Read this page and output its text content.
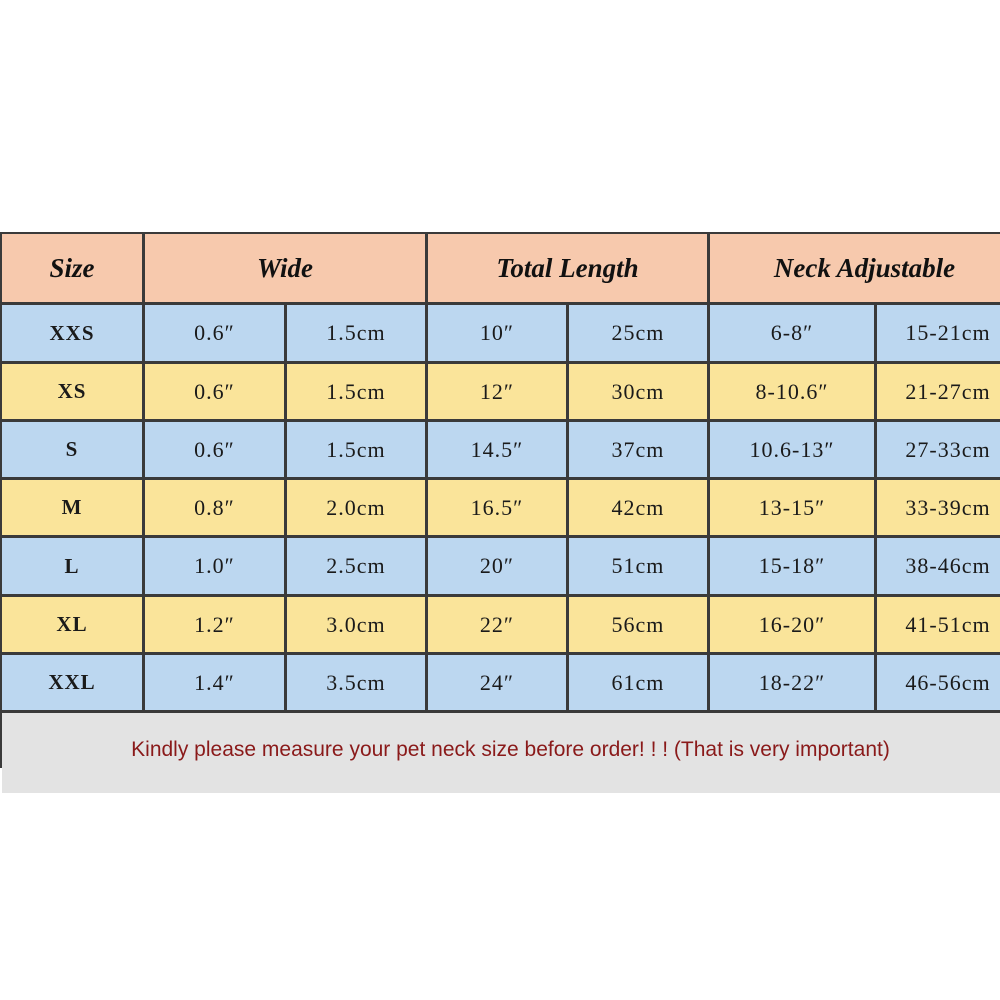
Size	Wide	Total Length	Neck Adjustable
XXS	0.6″	1.5cm	10″	25cm	6-8″	15-21cm
XS	0.6″	1.5cm	12″	30cm	8-10.6″	21-27cm
S	0.6″	1.5cm	14.5″	37cm	10.6-13″	27-33cm
M	0.8″	2.0cm	16.5″	42cm	13-15″	33-39cm
L	1.0″	2.5cm	20″	51cm	15-18″	38-46cm
XL	1.2″	3.0cm	22″	56cm	16-20″	41-51cm
XXL	1.4″	3.5cm	24″	61cm	18-22″	46-56cm
Kindly please measure your pet neck size before order! ! ! (That is very important)
